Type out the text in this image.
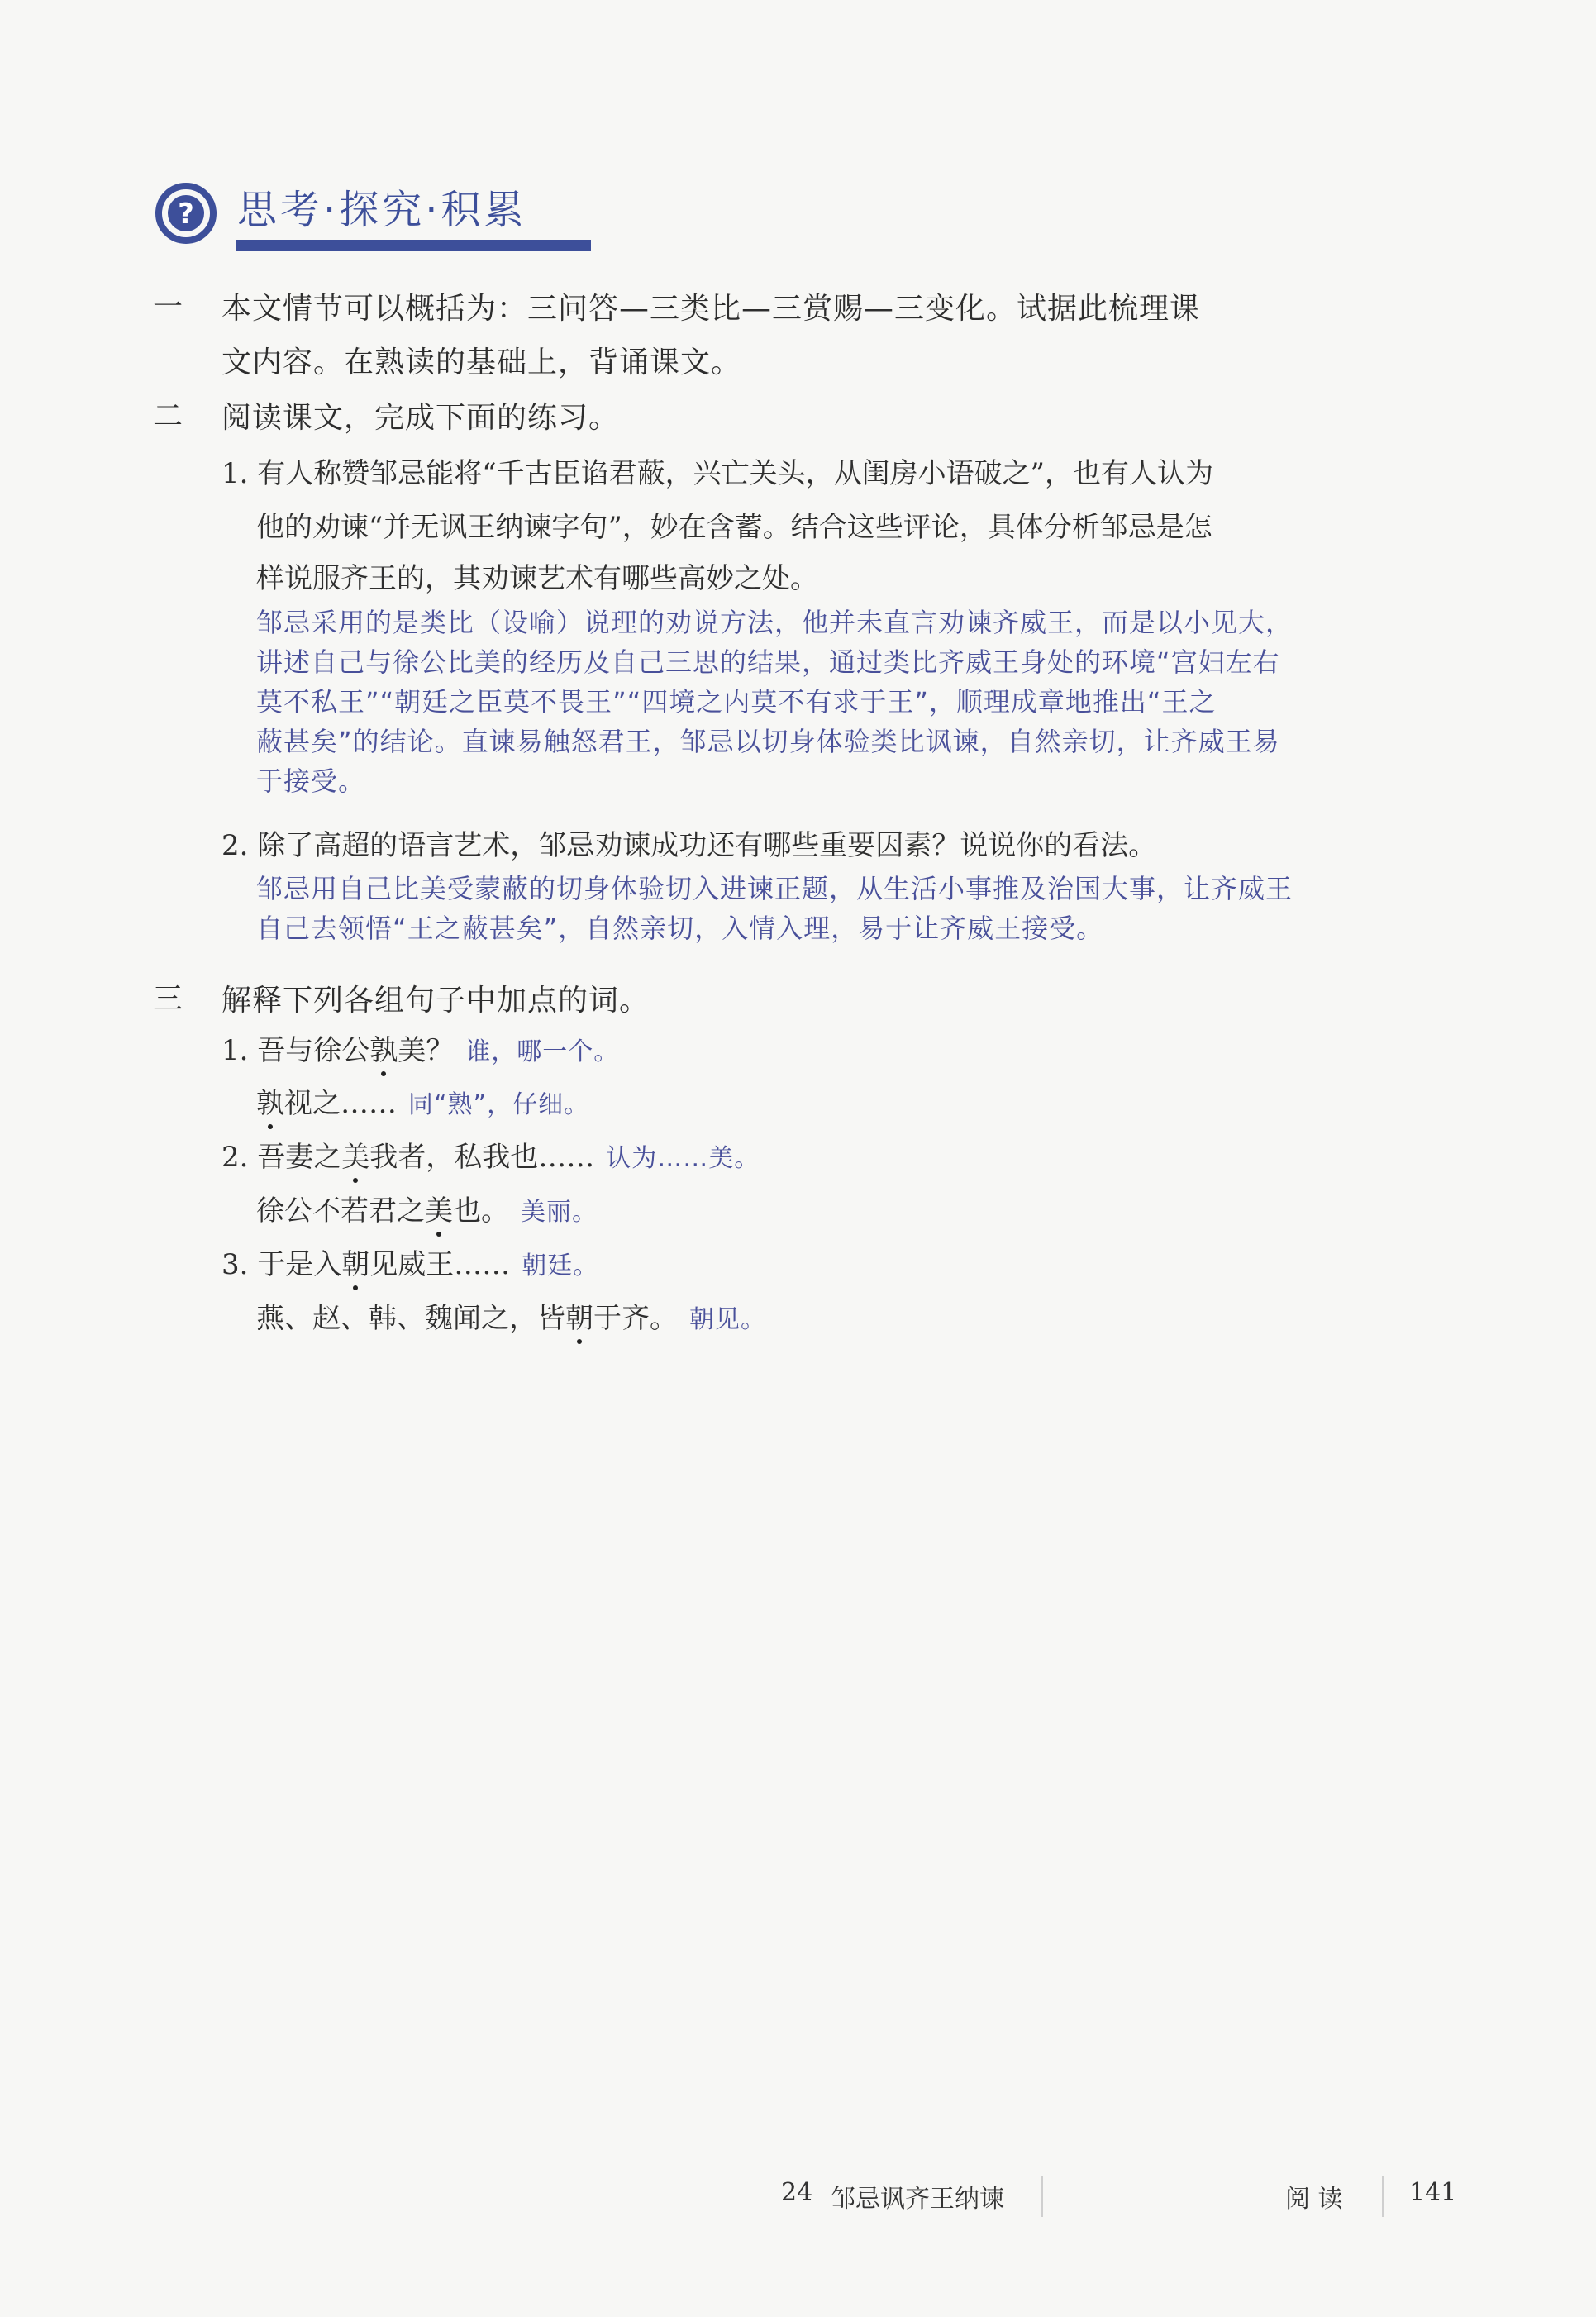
? 思考·探究·积累
一 本文情节可以概括为：三问答—三类比—三赏赐—三变化。试据此梳理课
文内容。在熟读的基础上，背诵课文。
二 阅读课文，完成下面的练习。
1. 有人称赞邹忌能将“千古臣谄君蔽，兴亡关头，从闺房小语破之”，也有人认为
他的劝谏“并无讽王纳谏字句”，妙在含蓄。结合这些评论，具体分析邹忌是怎
样说服齐王的，其劝谏艺术有哪些高妙之处。
邹忌采用的是类比（设喻）说理的劝说方法，他并未直言劝谏齐威王，而是以小见大，
讲述自己与徐公比美的经历及自己三思的结果，通过类比齐威王身处的环境“宫妇左右
莫不私王”“朝廷之臣莫不畏王”“四境之内莫不有求于王”，顺理成章地推出“王之
蔽甚矣”的结论。直谏易触怒君王，邹忌以切身体验类比讽谏，自然亲切，让齐威王易
于接受。
2. 除了高超的语言艺术，邹忌劝谏成功还有哪些重要因素？说说你的看法。
邹忌用自己比美受蒙蔽的切身体验切入进谏正题，从生活小事推及治国大事，让齐威王
自己去领悟“王之蔽甚矣”，自然亲切，入情入理，易于让齐威王接受。
三 解释下列各组句子中加点的词。
1. 吾与徐公孰美？ 谁，哪一个。
孰视之…… 同“熟”，仔细。
2. 吾妻之美我者，私我也…… 认为……美。
徐公不若君之美也。 美丽。
3. 于是入朝见威王…… 朝廷。
燕、赵、韩、魏闻之，皆朝于齐。 朝见。
24 邹忌讽齐王纳谏	阅 读	141
